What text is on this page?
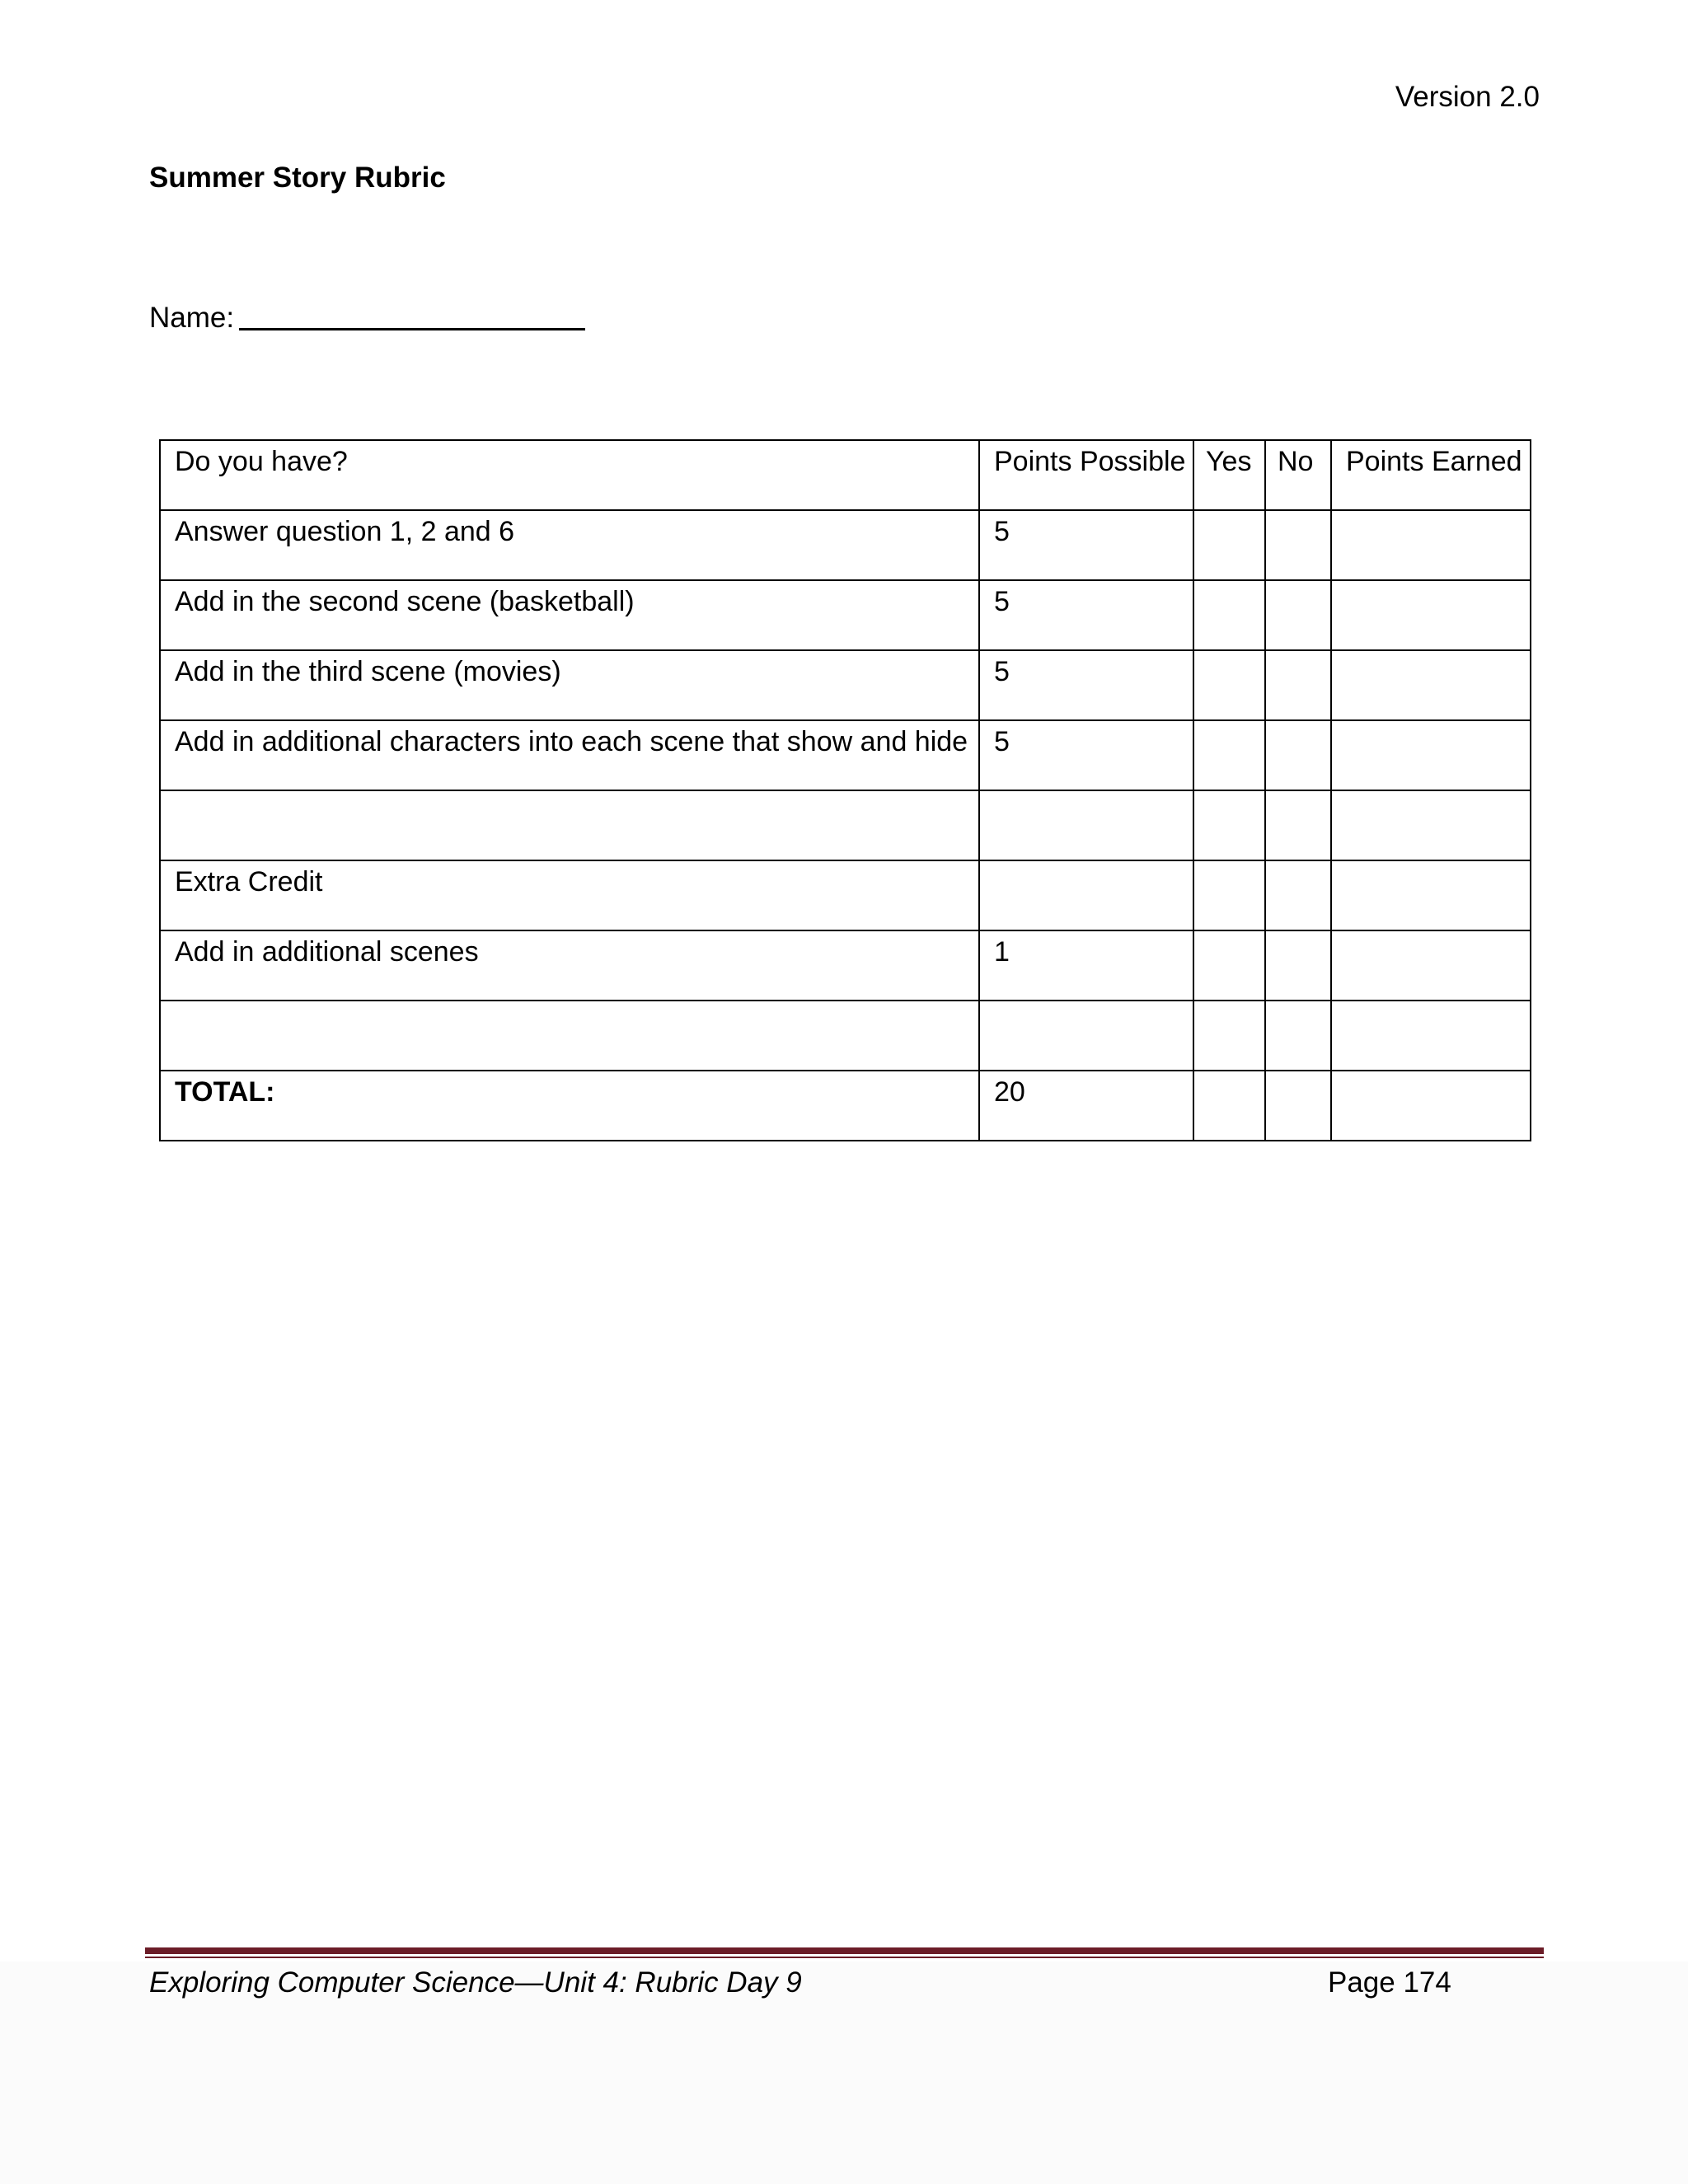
Version 2.0
Summer Story Rubric
Name:
Do you have?	Points Possible	Yes	No	Points Earned
Answer question 1, 2 and 6	5			
Add in the second scene (basketball)	5			
Add in the third scene (movies)	5			
Add in additional characters into each scene that show and hide	5			

Extra Credit				
Add in additional scenes	1			

TOTAL:	20			
Exploring Computer Science—Unit 4: Rubric Day 9	Page 174
